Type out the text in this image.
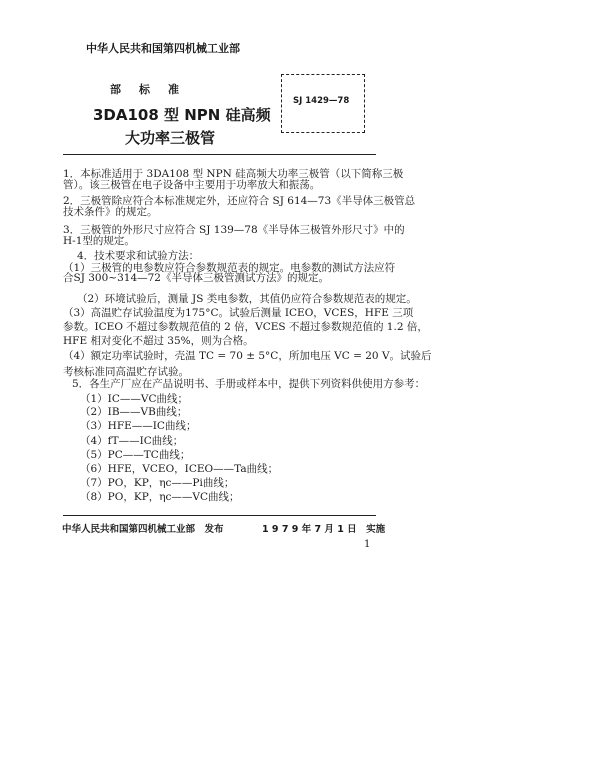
中华人民共和国第四机械工业部
部标准
3DA108 型 NPN 硅高频
大功率三极管
SJ 1429—78
1．本标准适用于 3DA108 型 NPN 硅高频大功率三极管（以下简称三极
管）。该三极管在电子设备中主要用于功率放大和振荡。
2．三极管除应符合本标准规定外，还应符合 SJ 614—73《半导体三极管总
技术条件》的规定。
3．三极管的外形尺寸应符合 SJ 139—78《半导体三极管外形尺寸》中的
H-1型的规定。
4．技术要求和试验方法：
（1）三极管的电参数应符合参数规范表的规定。电参数的测试方法应符
合SJ 300~314—72《半导体三极管测试方法》的规定。
（2）环境试验后，测量 JS 类电参数，其值仍应符合参数规范表的规定。
（3）高温贮存试验温度为175°C。试验后测量 ICEO，VCES，HFE 三项
参数。ICEO 不超过参数规范值的 2 倍，VCES 不超过参数规范值的 1.2 倍，
HFE 相对变化不超过 35%，则为合格。
（4）额定功率试验时，壳温 TC = 70 ± 5°C，所加电压 VC = 20 V。试验后
考核标准同高温贮存试验。
5．各生产厂应在产品说明书、手册或样本中，提供下列资料供使用方参考：
（1）IC——VC曲线；
（2）IB——VB曲线；
（3）HFE——IC曲线；
（4）fT——IC曲线；
（5）PC——TC曲线；
（6）HFE，VCEO，ICEO——Ta曲线；
（7）PO，KP，ηc——Pi曲线；
（8）PO，KP，ηc——VC曲线；
中华人民共和国第四机械工业部　发布	1 9 7 9 年 7 月 1 日　实施
1
